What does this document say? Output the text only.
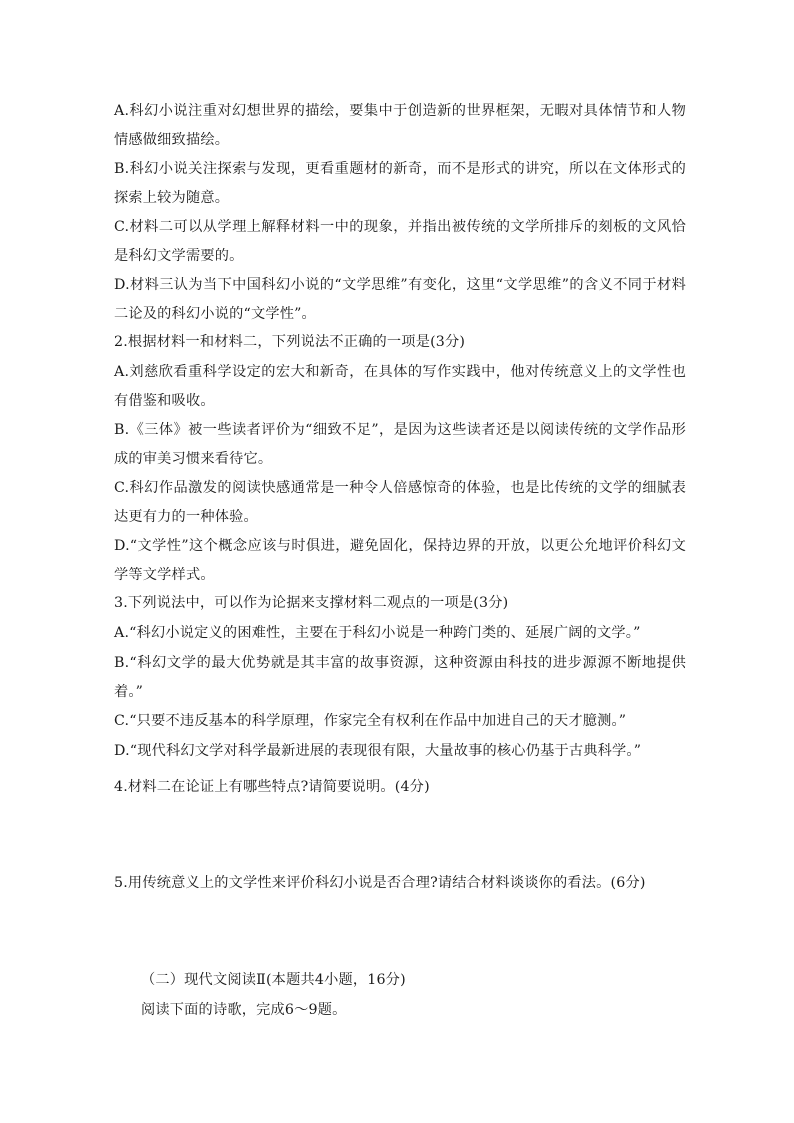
A.科幻小说注重对幻想世界的描绘，要集中于创造新的世界框架，无暇对具体情节和人物情感做细致描绘。

B.科幻小说关注探索与发现，更看重题材的新奇，而不是形式的讲究，所以在文体形式的探索上较为随意。

C.材料二可以从学理上解释材料一中的现象，并指出被传统的文学所排斥的刻板的文风恰是科幻文学需要的。

D.材料三认为当下中国科幻小说的“文学思维”有变化，这里“文学思维”的含义不同于材料二论及的科幻小说的“文学性”。

2.根据材料一和材料二，下列说法不正确的一项是(3分)

A.刘慈欣看重科学设定的宏大和新奇，在具体的写作实践中，他对传统意义上的文学性也有借鉴和吸收。

B.《三体》被一些读者评价为“细致不足”，是因为这些读者还是以阅读传统的文学作品形成的审美习惯来看待它。

C.科幻作品激发的阅读快感通常是一种令人倍感惊奇的体验，也是比传统的文学的细腻表达更有力的一种体验。

D.“文学性”这个概念应该与时俱进，避免固化，保持边界的开放，以更公允地评价科幻文学等文学样式。

3.下列说法中，可以作为论据来支撑材料二观点的一项是(3分)

A.“科幻小说定义的困难性，主要在于科幻小说是一种跨门类的、延展广阔的文学。”

B.“科幻文学的最大优势就是其丰富的故事资源，这种资源由科技的进步源源不断地提供着。”

C.“只要不违反基本的科学原理，作家完全有权利在作品中加进自己的天才臆测。”

D.“现代科幻文学对科学最新进展的表现很有限，大量故事的核心仍基于古典科学。”

4.材料二在论证上有哪些特点?请简要说明。(4分)

5.用传统意义上的文学性来评价科幻小说是否合理?请结合材料谈谈你的看法。(6分)

（二）现代文阅读Ⅱ(本题共4小题，16分)

阅读下面的诗歌，完成6～9题。
